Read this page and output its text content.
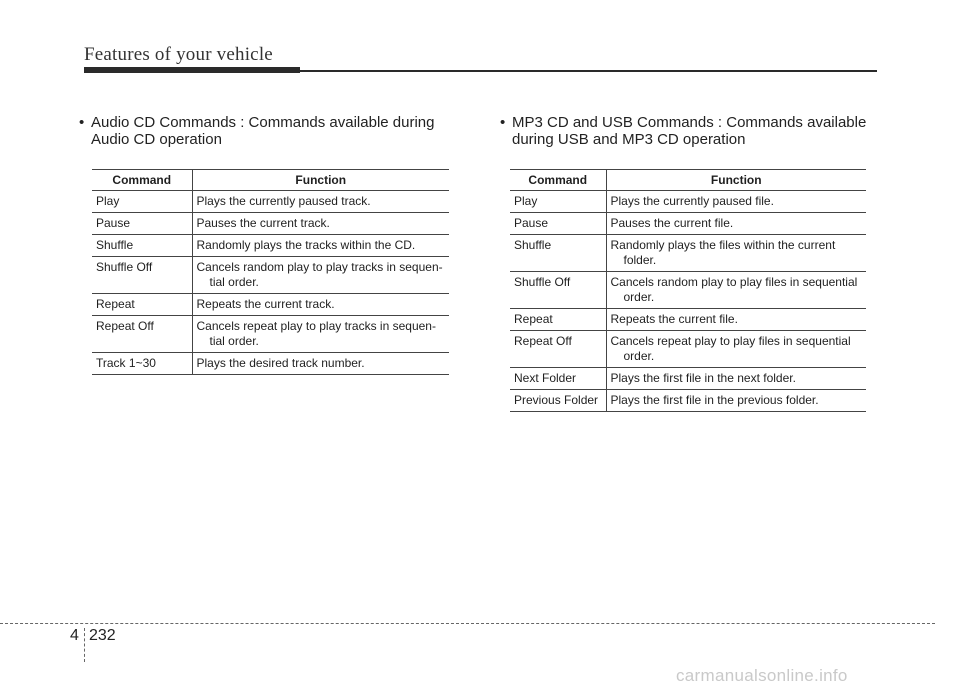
Features of your vehicle
• Audio CD Commands : Commands available during
Audio CD operation
• MP3 CD and USB Commands : Commands available
during USB and MP3 CD operation
Command	Function
Play	Plays the currently paused track.
Pause	Pauses the current track.
Shuffle	Randomly plays the tracks within the CD.
Shuffle Off	Cancels random play to play tracks in sequen-

tial order.

Repeat	Repeats the current track.
Repeat Off	Cancels repeat play to play tracks in sequen-

tial order.

Track 1~30	Plays the desired track number.
Command	Function
Play	Plays the currently paused file.
Pause	Pauses the current file.
Shuffle	Randomly plays the files within the current

folder.

Shuffle Off	Cancels random play to play files in sequential

order.

Repeat	Repeats the current file.
Repeat Off	Cancels repeat play to play files in sequential

order.

Next Folder	Plays the first file in the next folder.
Previous Folder	Plays the first file in the previous folder.
4 232
carmanualsonline.info
